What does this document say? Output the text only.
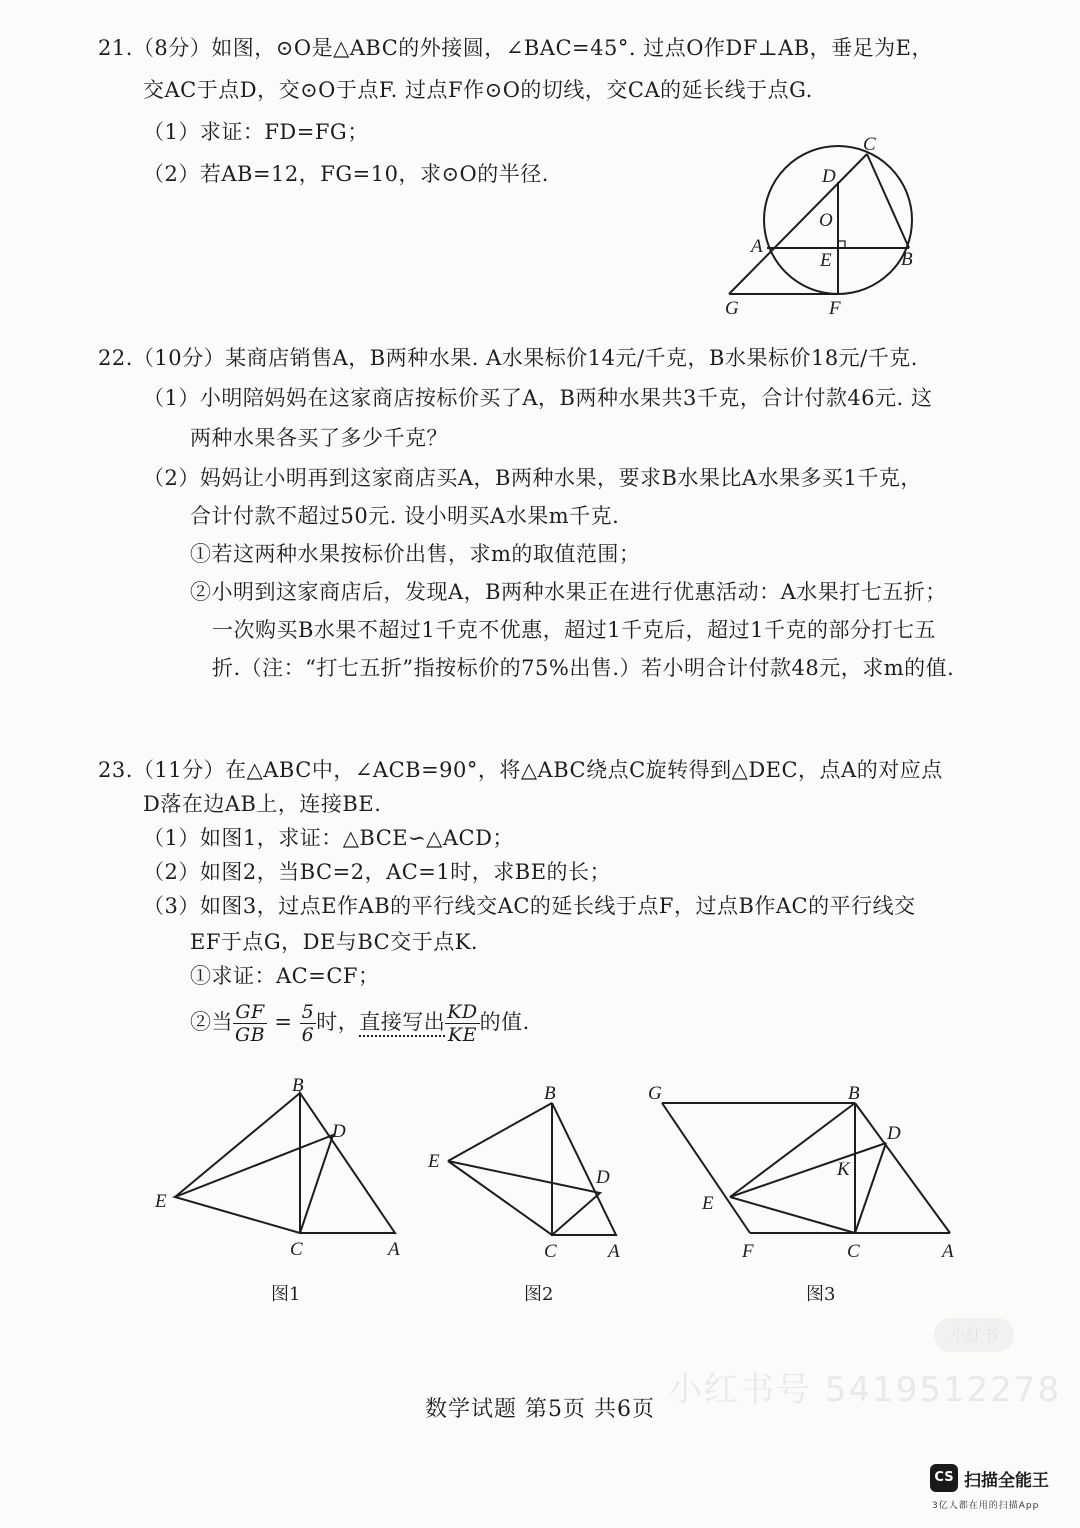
21.（8分）如图，⊙O是△ABC的外接圆，∠BAC=45°. 过点O作DF⊥AB，垂足为E，
交AC于点D，交⊙O于点F. 过点F作⊙O的切线，交CA的延长线于点G.
（1）求证：FD=FG；
（2）若AB=12，FG=10，求⊙O的半径.
C
D
O
A
E	B
G	F
22.（10分）某商店销售A，B两种水果. A水果标价14元/千克，B水果标价18元/千克.
（1）小明陪妈妈在这家商店按标价买了A，B两种水果共3千克，合计付款46元. 这
两种水果各买了多少千克？
（2）妈妈让小明再到这家商店买A，B两种水果，要求B水果比A水果多买1千克，
合计付款不超过50元. 设小明买A水果m千克.
①若这两种水果按标价出售，求m的取值范围；
②小明到这家商店后，发现A，B两种水果正在进行优惠活动：A水果打七五折；
一次购买B水果不超过1千克不优惠，超过1千克后，超过1千克的部分打七五
折.（注：“打七五折”指按标价的75%出售.）若小明合计付款48元，求m的值.
23.（11分）在△ABC中，∠ACB=90°，将△ABC绕点C旋转得到△DEC，点A的对应点
D落在边AB上，连接BE.
（1）如图1，求证：△BCE∽△ACD；
（2）如图2，当BC=2，AC=1时，求BE的长；
（3）如图3，过点E作AB的平行线交AC的延长线于点F，过点B作AC的平行线交
EF于点G，DE与BC交于点K.
①求证：AC=CF；
②当 $\frac{GF}{GB} = \frac{5}{6}$ 时，直接写出 $\frac{KD}{KE}$ 的值.
B
D
E
C	A
图1
B
E
D
C	A
图2
G	B
D
K
E
F	C	A
图3
小红书
小红书号 5419512278
数学试题 第5页 共6页
CS 扫描全能王
3亿人都在用的扫描App
